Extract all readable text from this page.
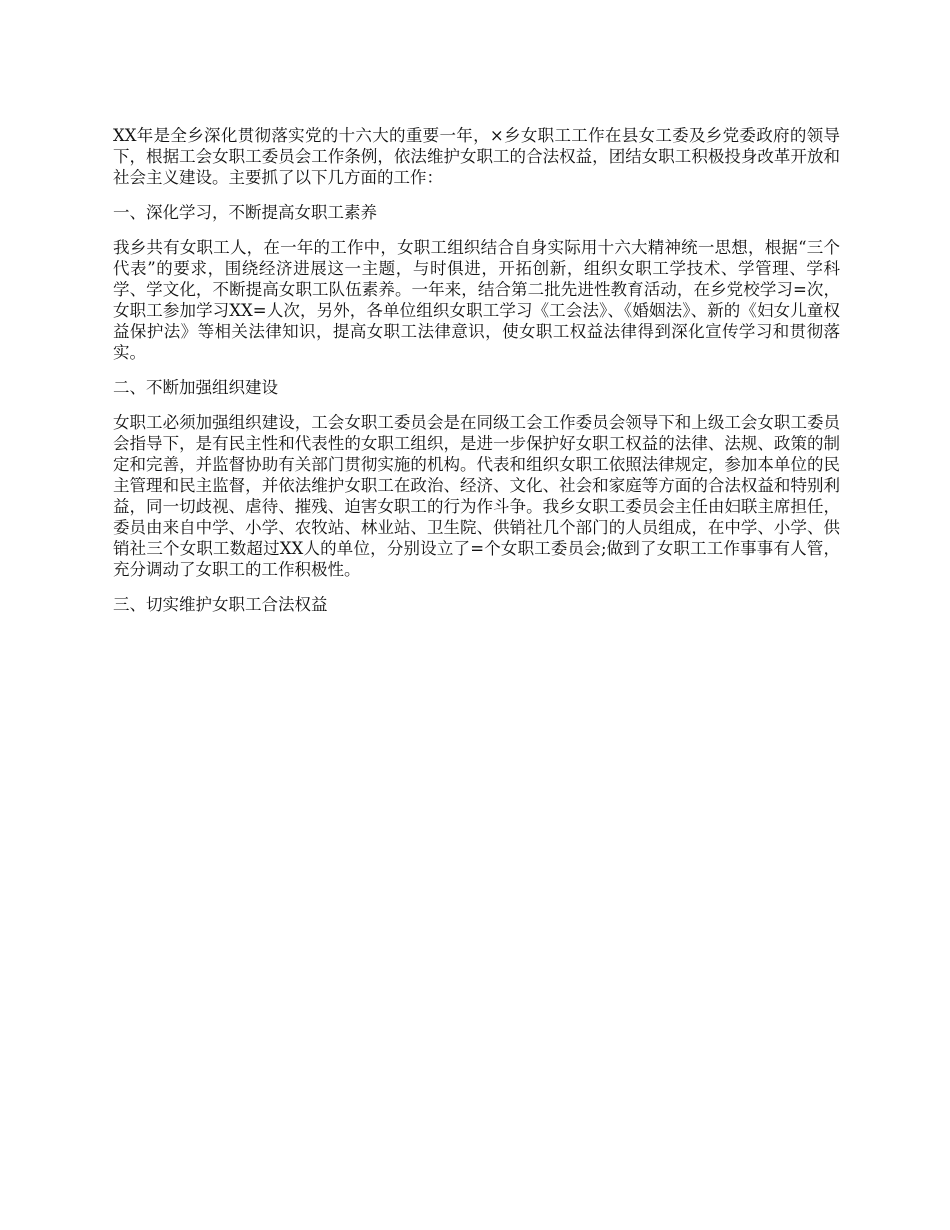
XX年是全乡深化贯彻落实党的十六大的重要一年，×乡女职工工作在县女工委及乡党委政府的领导下，根据工会女职工委员会工作条例，依法维护女职工的合法权益，团结女职工积极投身改革开放和社会主义建设。主要抓了以下几方面的工作：

一、深化学习，不断提高女职工素养

我乡共有女职工人，在一年的工作中，女职工组织结合自身实际用十六大精神统一思想，根据“三个代表”的要求，围绕经济进展这一主题，与时俱进，开拓创新，组织女职工学技术、学管理、学科学、学文化，不断提高女职工队伍素养。一年来，结合第二批先进性教育活动，在乡党校学习=次，女职工参加学习XX=人次，另外，各单位组织女职工学习《工会法》、《婚姻法》、新的《妇女儿童权益保护法》等相关法律知识，提高女职工法律意识，使女职工权益法律得到深化宣传学习和贯彻落实。

二、不断加强组织建设

女职工必须加强组织建设，工会女职工委员会是在同级工会工作委员会领导下和上级工会女职工委员会指导下，是有民主性和代表性的女职工组织，是进一步保护好女职工权益的法律、法规、政策的制定和完善，并监督协助有关部门贯彻实施的机构。代表和组织女职工依照法律规定，参加本单位的民主管理和民主监督，并依法维护女职工在政治、经济、文化、社会和家庭等方面的合法权益和特别利益，同一切歧视、虐待、摧残、迫害女职工的行为作斗争。我乡女职工委员会主任由妇联主席担任，委员由来自中学、小学、农牧站、林业站、卫生院、供销社几个部门的人员组成，在中学、小学、供销社三个女职工数超过XX人的单位，分别设立了=个女职工委员会;做到了女职工工作事事有人管，充分调动了女职工的工作积极性。

三、切实维护女职工合法权益
